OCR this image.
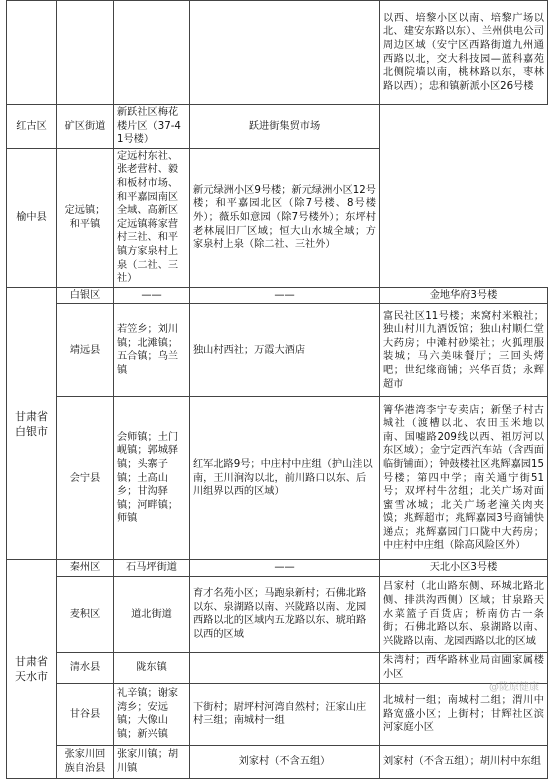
				以西、培黎小区以南、培黎广场以北、建安东路以东）、兰州供电公司周边区域（安宁区西路街道九州通西路以北，交大科技园—蓝科嘉苑北侧院墙以南，桃林路以东，枣林路以西）；忠和镇新派小区26号楼
红古区	矿区街道	新跃社区梅花楼片区（37-41号楼）	跃进街集贸市场	
榆中县	定远镇；和平镇	定远村东社、张老营村、毅和板材市场、和平嘉园南区全域、高新区定远镇蒋家营村三社、和平镇方家泉村上泉（二社、三社）	新元绿洲小区9号楼；新元绿洲小区12号楼；和平嘉园北区（除7号楼、8号楼外）；薇乐如意园（除7号楼外）；东坪村老林展旧厂区域；恒大山水城全域；方家泉村上泉（除二社、三社外）	
甘肃省白银市	白银区	——	——	金地华府3号楼
	靖远县	若笠乡；刘川镇；北滩镇；五合镇；乌兰镇	独山村西社；万霞大酒店	富民社区11号楼；来窝村米粮社；独山村川九酒饭馆；独山村顺仁堂大药房；中滩村砂梁社；火狐理服装城；马六美味餐厅；三回头烤吧；世纪缘商铺；兴华百货；永辉超市
	会宁县	会师镇；土门岘镇；郭城驿镇；头寨子镇；土高山乡；甘沟驿镇；河畔镇；师镇	红军北路9号；中庄村中庄组（护山洼以南，王川涧沟以北，前川路口以东、后川组界以西的区域）	箐华港湾李宁专卖店；新堡子村古城社（渡槽以北、农田玉米地以南、国嘘路209线以西、祖厉河以东区域）；金宁定西汽车站（含西面临街铺面）；钟鼓楼社区兆辉嘉园15号楼；第四中学；南关通宁街51号；双坪村牛岔组；北关广场对面蜜雪冰城；北关广场老潼关肉夹馍；兆辉超市；兆辉嘉园3号商铺快递点；兆辉嘉园门口陇中大药房；中庄村中庄组（除高风险区外）
甘肃省天水市	秦州区	石马坪街道	——	天北小区3号楼
	麦积区	道北街道	育才名苑小区；马跑泉新村；石佛北路以东、泉湖路以南、兴陇路以南、龙园西路以北的区域内五龙路以东、琥珀路以西的区域	吕家村（北山路东侧、环城北路北侧、排洪沟西侧）区域；甘泉路天水菜篮子百货店；桥南仿古一条街；石佛北路以东、泉湖路以南、兴陇路以南、龙园西路以北的区域
	清水县	陇东镇		朱湾村；西华路林业局亩圃家属楼小区
	甘谷县	礼辛镇；谢家湾乡；安远镇；大像山镇；新兴镇	下街村；尉坪村河湾自然村；汪家山庄村三组；南城村一组	北城村一组；南城村二组；渭川中路宽盛小区；上街村；甘辉社区滨河家庭小区
	张家川回族自治县	张家川镇；胡川镇	刘家村（不含五组）	刘家村（不含五组）；胡川村中东组
@陇原健康
